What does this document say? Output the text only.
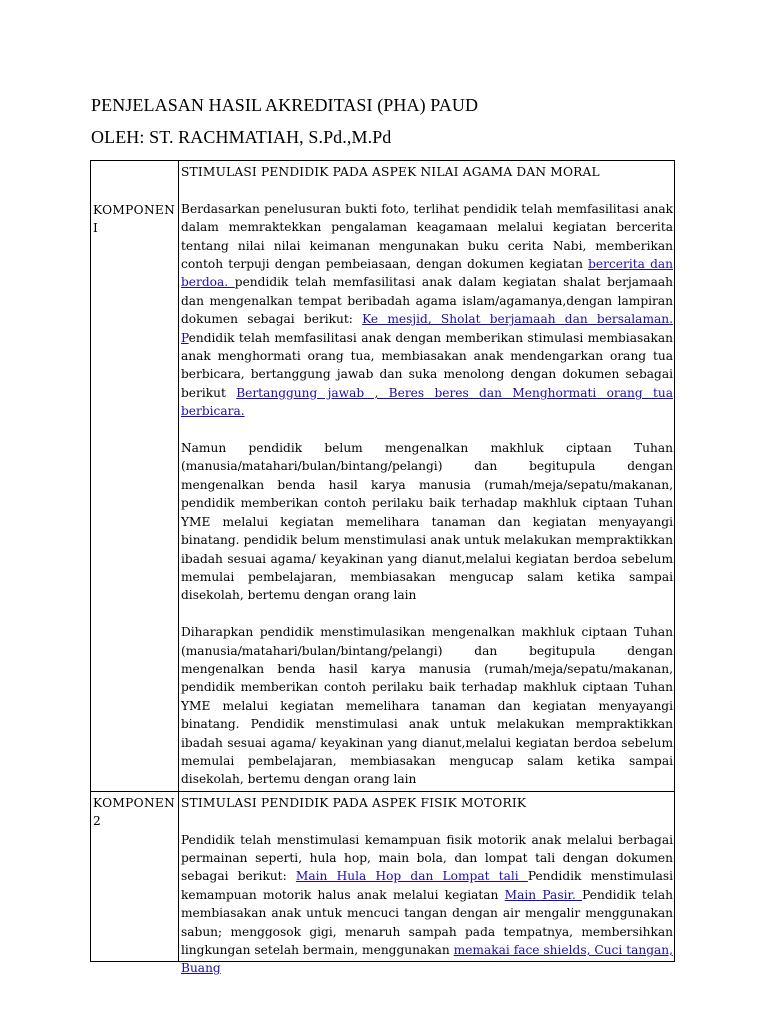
PENJELASAN HASIL AKREDITASI (PHA) PAUD
OLEH: ST. RACHMATIAH, S.Pd.,M.Pd
KOMPONEN I	STIMULASI PENDIDIK PADA ASPEK NILAI AGAMA DAN MORAL

Berdasarkan penelusuran bukti foto, terlihat pendidik telah memfasilitasi anak dalam memraktekkan pengalaman keagamaan melalui kegiatan bercerita tentang nilai nilai keimanan mengunakan buku cerita Nabi, memberikan contoh terpuji dengan pembeiasaan, dengan dokumen kegiatan bercerita dan berdoa. pendidik telah memfasilitasi anak dalam kegiatan shalat berjamaah dan mengenalkan tempat beribadah agama islam/agamanya,dengan lampiran dokumen sebagai berikut: Ke mesjid, Sholat berjamaah dan bersalaman. Pendidik telah memfasilitasi anak dengan memberikan stimulasi membiasakan anak menghormati orang tua, membiasakan anak mendengarkan orang tua berbicara, bertanggung jawab dan suka menolong dengan dokumen sebagai berikut Bertanggung jawab , Beres beres dan Menghormati orang tua berbicara.

Namun pendidik belum mengenalkan makhluk ciptaan Tuhan (manusia/matahari/bulan/bintang/pelangi) dan begitupula dengan mengenalkan benda hasil karya manusia (rumah/meja/sepatu/makanan, pendidik memberikan contoh perilaku baik terhadap makhluk ciptaan Tuhan YME melalui kegiatan memelihara tanaman dan kegiatan menyayangi binatang. pendidik belum menstimulasi anak untuk melakukan mempraktikkan ibadah sesuai agama/ keyakinan yang dianut,melalui kegiatan berdoa sebelum memulai pembelajaran, membiasakan mengucap salam ketika sampai disekolah, bertemu dengan orang lain

Diharapkan pendidik menstimulasikan mengenalkan makhluk ciptaan Tuhan (manusia/matahari/bulan/bintang/pelangi) dan begitupula dengan mengenalkan benda hasil karya manusia (rumah/meja/sepatu/makanan, pendidik memberikan contoh perilaku baik terhadap makhluk ciptaan Tuhan YME melalui kegiatan memelihara tanaman dan kegiatan menyayangi binatang. Pendidik menstimulasi anak untuk melakukan mempraktikkan ibadah sesuai agama/ keyakinan yang dianut,melalui kegiatan berdoa sebelum memulai pembelajaran, membiasakan mengucap salam ketika sampai disekolah, bertemu dengan orang lain

KOMPONEN 2	STIMULASI PENDIDIK PADA ASPEK FISIK MOTORIK

Pendidik telah menstimulasi kemampuan fisik motorik anak melalui berbagai permainan seperti, hula hop, main bola, dan lompat tali dengan dokumen sebagai berikut: Main Hula Hop dan Lompat tali Pendidik menstimulasi kemampuan motorik halus anak melalui kegiatan Main Pasir. Pendidik telah membiasakan anak untuk mencuci tangan dengan air mengalir menggunakan sabun; menggosok gigi, menaruh sampah pada tempatnya, membersihkan lingkungan setelah bermain, menggunakan memakai face shields, Cuci tangan, Buang
